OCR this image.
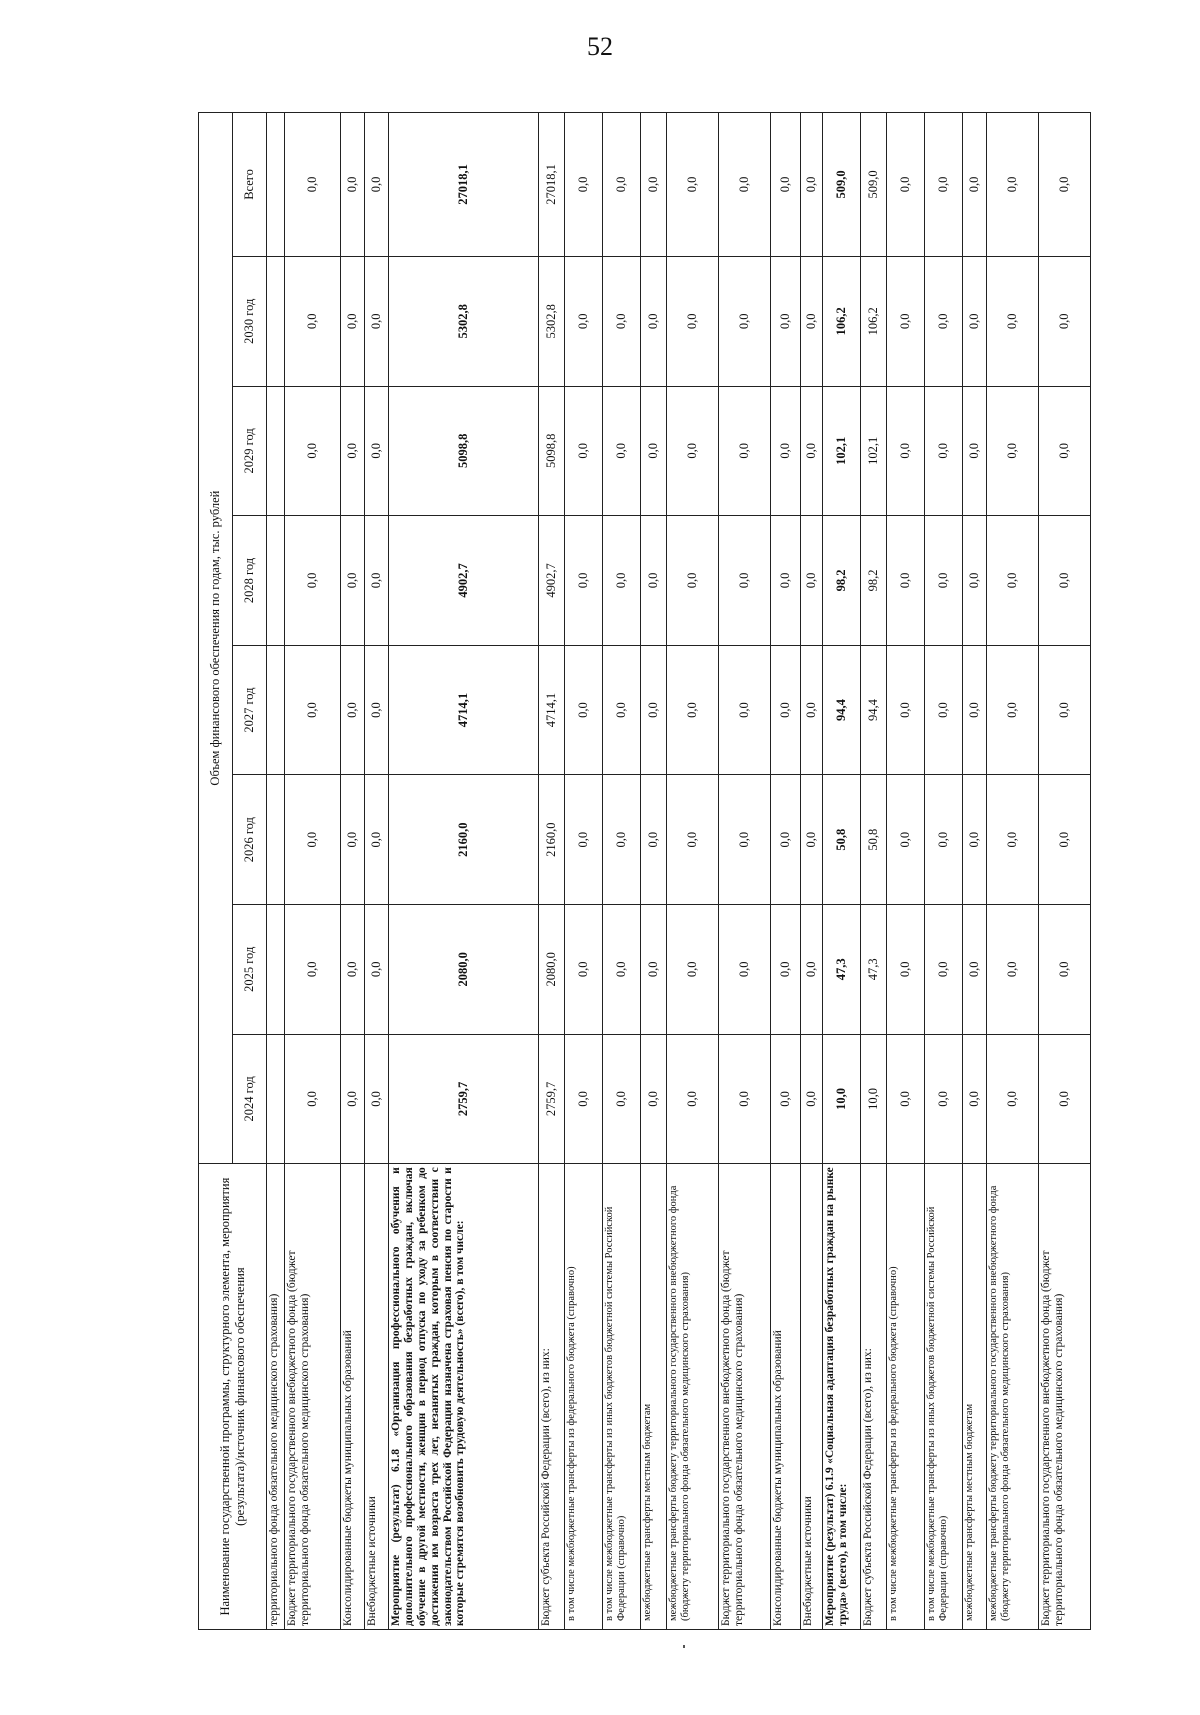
52
Наименование государственной программы, структурного элемента, мероприятия (результата)/источник финансового обеспечения	Объем финансового обеспечения по годам, тыс. рублей							
	2024 год	2025 год	2026 год	2027 год	2028 год	2029 год	2030 год	Всего
территориального фонда обязательного медицинского страхования)								
Бюджет территориального государственного внебюджетного фонда (бюджет территориального фонда обязательного медицинского страхования)	0,0	0,0	0,0	0,0	0,0	0,0	0,0	0,0
Консолидированные бюджеты муниципальных образований	0,0	0,0	0,0	0,0	0,0	0,0	0,0	0,0
Внебюджетные источники	0,0	0,0	0,0	0,0	0,0	0,0	0,0	0,0
Мероприятие (результат) 6.1.8 «Организация профессионального обучения и дополнительного профессионального образования безработных граждан, включая обучение в другой местности, женщин в период отпуска по уходу за ребенком до достижения им возраста трех лет, незанятых граждан, которым в соответствии с законодательством Российской Федерации назначена страховая пенсия по старости и которые стремятся возобновить трудовую деятельность» (всего), в том числе:	2759,7	2080,0	2160,0	4714,1	4902,7	5098,8	5302,8	27018,1
Бюджет субъекта Российской Федерации (всего), из них:	2759,7	2080,0	2160,0	4714,1	4902,7	5098,8	5302,8	27018,1
в том числе межбюджетные трансферты из федерального бюджета (справочно)	0,0	0,0	0,0	0,0	0,0	0,0	0,0	0,0
в том числе межбюджетные трансферты из иных бюджетов бюджетной системы Российской Федерации (справочно)	0,0	0,0	0,0	0,0	0,0	0,0	0,0	0,0
межбюджетные трансферты местным бюджетам	0,0	0,0	0,0	0,0	0,0	0,0	0,0	0,0
межбюджетные трансферты бюджету территориального государственного внебюджетного фонда (бюджету территориального фонда обязательного медицинского страхования)	0,0	0,0	0,0	0,0	0,0	0,0	0,0	0,0
Бюджет территориального государственного внебюджетного фонда (бюджет территориального фонда обязательного медицинского страхования)	0,0	0,0	0,0	0,0	0,0	0,0	0,0	0,0
Консолидированные бюджеты муниципальных образований	0,0	0,0	0,0	0,0	0,0	0,0	0,0	0,0
Внебюджетные источники	0,0	0,0	0,0	0,0	0,0	0,0	0,0	0,0
Мероприятие (результат) 6.1.9 «Социальная адаптация безработных граждан на рынке труда» (всего), в том числе:	10,0	47,3	50,8	94,4	98,2	102,1	106,2	509,0
Бюджет субъекта Российской Федерации (всего), из них:	10,0	47,3	50,8	94,4	98,2	102,1	106,2	509,0
в том числе межбюджетные трансферты из федерального бюджета (справочно)	0,0	0,0	0,0	0,0	0,0	0,0	0,0	0,0
в том числе межбюджетные трансферты из иных бюджетов бюджетной системы Российской Федерации (справочно)	0,0	0,0	0,0	0,0	0,0	0,0	0,0	0,0
межбюджетные трансферты местным бюджетам	0,0	0,0	0,0	0,0	0,0	0,0	0,0	0,0
межбюджетные трансферты бюджету территориального государственного внебюджетного фонда (бюджету территориального фонда обязательного медицинского страхования)	0,0	0,0	0,0	0,0	0,0	0,0	0,0	0,0
Бюджет территориального государственного внебюджетного фонда (бюджет территориального фонда обязательного медицинского страхования)	0,0	0,0	0,0	0,0	0,0	0,0	0,0	0,0
